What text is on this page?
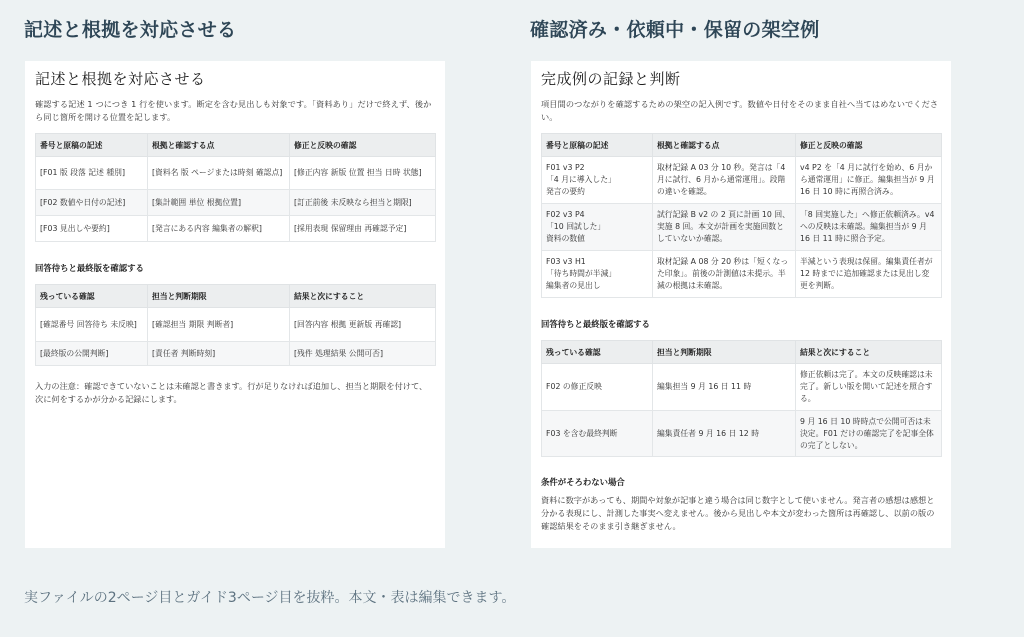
記述と根拠を対応させる	確認済み・依頼中・保留の架空例
記述と根拠を対応させる
確認する記述 1 つにつき 1 行を使います。断定を含む見出しも対象です。「資料あり」だけで終えず、後から同じ箇所を開ける位置を記します。
番号と原稿の記述	根拠と確認する点	修正と反映の確認
[F01 版 段落 記述 種別]	[資料名 版 ページまたは時刻 確認点]	[修正内容 新版 位置 担当 日時 状態]
[F02 数値や日付の記述]	[集計範囲 単位 根拠位置]	[訂正前後 未反映なら担当と期限]
[F03 見出しや要約]	[発言にある内容 編集者の解釈]	[採用表現 保留理由 再確認予定]
回答待ちと最終版を確認する
残っている確認	担当と判断期限	結果と次にすること
[確認番号 回答待ち 未反映]	[確認担当 期限 判断者]	[回答内容 根拠 更新版 再確認]
[最終版の公開判断]	[責任者 判断時刻]	[残件 処理結果 公開可否]
入力の注意：確認できていないことは未確認と書きます。行が足りなければ追加し、担当と期限を付けて、次に何をするかが分かる記録にします。
完成例の記録と判断
項目間のつながりを確認するための架空の記入例です。数値や日付をそのまま自社へ当てはめないでください。
番号と原稿の記述	根拠と確認する点	修正と反映の確認

F01 v3 P2
「4 月に導入した」
発言の要約	取材記録 A 03 分 10 秒。発言は「4 月に試行、6 月から通常運用」。段階の違いを確認。	v4 P2 を「4 月に試行を始め、6 月から通常運用」に修正。編集担当が 9 月 16 日 10 時に再照合済み。

F02 v3 P4
「10 回試した」
資料の数値	試行記録 B v2 の 2 頁に計画 10 回、実施 8 回。本文が計画を実施回数としていないか確認。	「8 回実施した」へ修正依頼済み。v4 への反映は未確認。編集担当が 9 月 16 日 11 時に照合予定。

F03 v3 H1
「待ち時間が半減」
編集者の見出し	取材記録 A 08 分 20 秒は「短くなった印象」。前後の計測値は未提示。半減の根拠は未確認。	半減という表現は保留。編集責任者が 12 時までに追加確認または見出し変更を判断。
回答待ちと最終版を確認する
残っている確認	担当と判断期限	結果と次にすること
F02 の修正反映	編集担当 9 月 16 日 11 時	修正依頼は完了。本文の反映確認は未完了。新しい版を開いて記述を照合する。
F03 を含む最終判断	編集責任者 9 月 16 日 12 時	9 月 16 日 10 時時点で公開可否は未決定。F01 だけの確認完了を記事全体の完了としない。
条件がそろわない場合
資料に数字があっても、期間や対象が記事と違う場合は同じ数字として使いません。発言者の感想は感想と分かる表現にし、計測した事実へ変えません。後から見出しや本文が変わった箇所は再確認し、以前の版の確認結果をそのまま引き継ぎません。
実ファイルの2ページ目とガイド3ページ目を抜粋。本文・表は編集できます。
